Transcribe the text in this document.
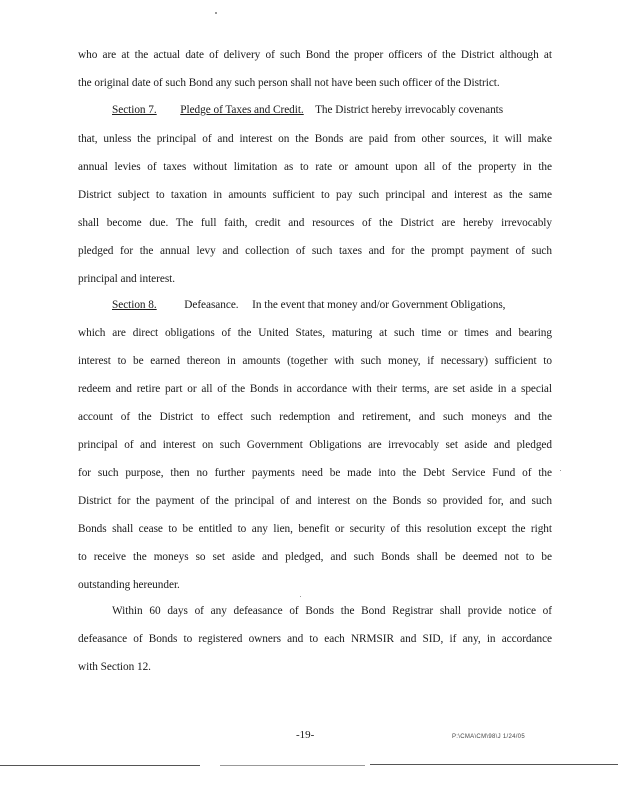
who are at the actual date of delivery of such Bond the proper officers of the District although at
the original date of such Bond any such person shall not have been such officer of the District.
Section 7. Pledge of Taxes and Credit. The District hereby irrevocably covenants
that, unless the principal of and interest on the Bonds are paid from other sources, it will make
annual levies of taxes without limitation as to rate or amount upon all of the property in the
District subject to taxation in amounts sufficient to pay such principal and interest as the same
shall become due. The full faith, credit and resources of the District are hereby irrevocably
pledged for the annual levy and collection of such taxes and for the prompt payment of such
principal and interest.
Section 8. Defeasance. In the event that money and/or Government Obligations,
which are direct obligations of the United States, maturing at such time or times and bearing
interest to be earned thereon in amounts (together with such money, if necessary) sufficient to
redeem and retire part or all of the Bonds in accordance with their terms, are set aside in a special
account of the District to effect such redemption and retirement, and such moneys and the
principal of and interest on such Government Obligations are irrevocably set aside and pledged
for such purpose, then no further payments need be made into the Debt Service Fund of the
District for the payment of the principal of and interest on the Bonds so provided for, and such
Bonds shall cease to be entitled to any lien, benefit or security of this resolution except the right
to receive the moneys so set aside and pledged, and such Bonds shall be deemed not to be
outstanding hereunder.
Within 60 days of any defeasance of Bonds the Bond Registrar shall provide notice of
defeasance of Bonds to registered owners and to each NRMSIR and SID, if any, in accordance
with Section 12.
-19-	P:\CMA\CM\98\J 1/24/05
